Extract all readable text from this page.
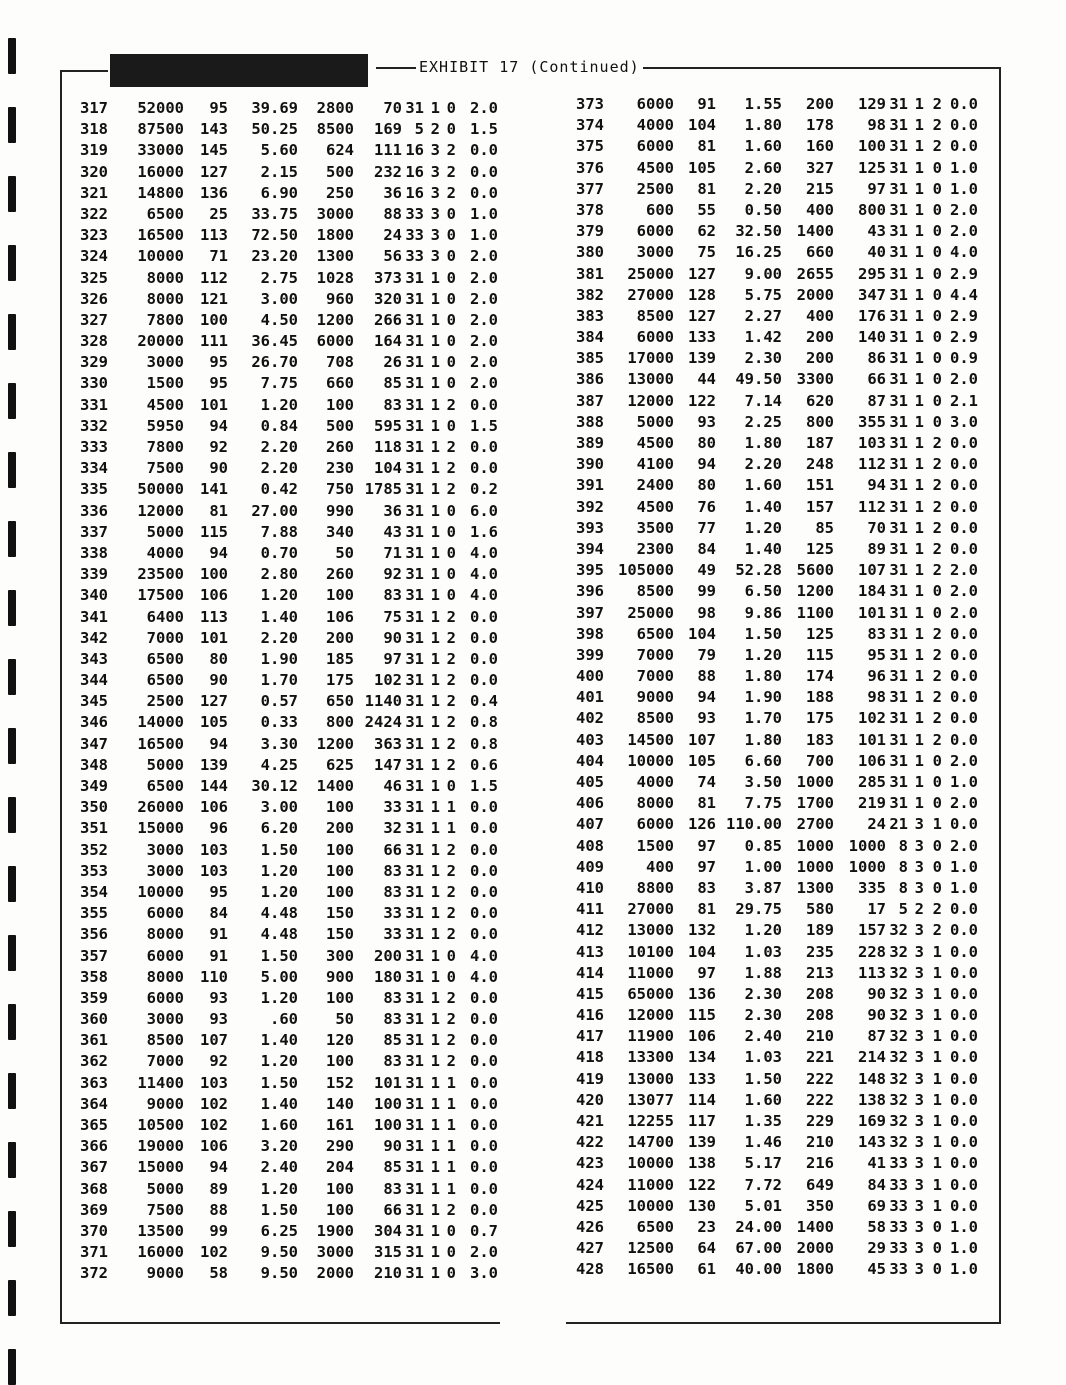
EXHIBIT 17 (Continued)
317	52000	95	39.69	2800	70 31 1 0 2.0
318	87500	143	50.25	8500	169 5 2 0 1.5
319	33000	145	5.60	624	111 16 3 2 0.0
320	16000	127	2.15	500	232 16 3 2 0.0
321	14800	136	6.90	250	36 16 3 2 0.0
322	6500	25	33.75	3000	88 33 3 0 1.0
323	16500	113	72.50	1800	24 33 3 0 1.0
324	10000	71	23.20	1300	56 33 3 0 2.0
325	8000	112	2.75	1028	373 31 1 0 2.0
326	8000	121	3.00	960	320 31 1 0 2.0
327	7800	100	4.50	1200	266 31 1 0 2.0
328	20000	111	36.45	6000	164 31 1 0 2.0
329	3000	95	26.70	708	26 31 1 0 2.0
330	1500	95	7.75	660	85 31 1 0 2.0
331	4500	101	1.20	100	83 31 1 2 0.0
332	5950	94	0.84	500	595 31 1 0 1.5
333	7800	92	2.20	260	118 31 1 2 0.0
334	7500	90	2.20	230	104 31 1 2 0.0
335	50000	141	0.42	750 1785 31 1 2 0.2
336	12000	81	27.00	990	36 31 1 0 6.0
337	5000	115	7.88	340	43 31 1 0 1.6
338	4000	94	0.70	50	71 31 1 0 4.0
339	23500	100	2.80	260	92 31 1 0 4.0
340	17500	106	1.20	100	83 31 1 0 4.0
341	6400	113	1.40	106	75 31 1 2 0.0
342	7000	101	2.20	200	90 31 1 2 0.0
343	6500	80	1.90	185	97 31 1 2 0.0
344	6500	90	1.70	175	102 31 1 2 0.0
345	2500	127	0.57	650 1140 31 1 2 0.4
346	14000	105	0.33	800 2424 31 1 2 0.8
347	16500	94	3.30	1200	363 31 1 2 0.8
348	5000	139	4.25	625	147 31 1 2 0.6
349	6500	144	30.12	1400	46 31 1 0 1.5
350	26000	106	3.00	100	33 31 1 1 0.0
351	15000	96	6.20	200	32 31 1 1 0.0
352	3000	103	1.50	100	66 31 1 2 0.0
353	3000	103	1.20	100	83 31 1 2 0.0
354	10000	95	1.20	100	83 31 1 2 0.0
355	6000	84	4.48	150	33 31 1 2 0.0
356	8000	91	4.48	150	33 31 1 2 0.0
357	6000	91	1.50	300	200 31 1 0 4.0
358	8000	110	5.00	900	180 31 1 0 4.0
359	6000	93	1.20	100	83 31 1 2 0.0
360	3000	93	.60	50	83 31 1 2 0.0
361	8500	107	1.40	120	85 31 1 2 0.0
362	7000	92	1.20	100	83 31 1 2 0.0
363	11400	103	1.50	152	101 31 1 1 0.0
364	9000	102	1.40	140	100 31 1 1 0.0
365	10500	102	1.60	161	100 31 1 1 0.0
366	19000	106	3.20	290	90 31 1 1 0.0
367	15000	94	2.40	204	85 31 1 1 0.0
368	5000	89	1.20	100	83 31 1 1 0.0
369	7500	88	1.50	100	66 31 1 2 0.0
370	13500	99	6.25	1900	304 31 1 0 0.7
371	16000	102	9.50	3000	315 31 1 0 2.0
372	9000	58	9.50	2000	210 31 1 0 3.0
373	6000	91	1.55	200	129 31 1 2 0.0
374	4000 104	1.80	178	98 31 1 2 0.0
375	6000	81	1.60	160	100 31 1 2 0.0
376	4500 105	2.60	327	125 31 1 0 1.0
377	2500	81	2.20	215	97 31 1 0 1.0
378	600	55	0.50	400	800 31 1 0 2.0
379	6000	62	32.50 1400	43 31 1 0 2.0
380	3000	75	16.25	660	40 31 1 0 4.0
381	25000 127	9.00 2655	295 31 1 0 2.9
382	27000 128	5.75 2000	347 31 1 0 4.4
383	8500 127	2.27	400	176 31 1 0 2.9
384	6000 133	1.42	200	140 31 1 0 2.9
385	17000 139	2.30	200	86 31 1 0 0.9
386	13000	44	49.50 3300	66 31 1 0 2.0
387	12000 122	7.14	620	87 31 1 0 2.1
388	5000	93	2.25	800	355 31 1 0 3.0
389	4500	80	1.80	187	103 31 1 2 0.0
390	4100	94	2.20	248	112 31 1 2 0.0
391	2400	80	1.60	151	94 31 1 2 0.0
392	4500	76	1.40	157	112 31 1 2 0.0
393	3500	77	1.20	85	70 31 1 2 0.0
394	2300	84	1.40	125	89 31 1 2 0.0
395 105000	49	52.28 5600	107 31 1 2 2.0
396	8500	99	6.50 1200	184 31 1 0 2.0
397	25000	98	9.86 1100	101 31 1 0 2.0
398	6500 104	1.50	125	83 31 1 2 0.0
399	7000	79	1.20	115	95 31 1 2 0.0
400	7000	88	1.80	174	96 31 1 2 0.0
401	9000	94	1.90	188	98 31 1 2 0.0
402	8500	93	1.70	175	102 31 1 2 0.0
403	14500 107	1.80	183	101 31 1 2 0.0
404	10000 105	6.60	700	106 31 1 0 2.0
405	4000	74	3.50 1000	285 31 1 0 1.0
406	8000	81	7.75 1700	219 31 1 0 2.0
407	6000 126 110.00 2700	24 21 3 1 0.0
408	1500	97	0.85 1000 1000 8 3 0 2.0
409	400	97	1.00 1000 1000 8 3 0 1.0
410	8800	83	3.87 1300	335 8 3 0 1.0
411	27000	81	29.75	580	17 5 2 2 0.0
412	13000 132	1.20	189	157 32 3 2 0.0
413	10100 104	1.03	235	228 32 3 1 0.0
414	11000	97	1.88	213	113 32 3 1 0.0
415	65000 136	2.30	208	90 32 3 1 0.0
416	12000 115	2.30	208	90 32 3 1 0.0
417	11900 106	2.40	210	87 32 3 1 0.0
418	13300 134	1.03	221	214 32 3 1 0.0
419	13000 133	1.50	222	148 32 3 1 0.0
420	13077 114	1.60	222	138 32 3 1 0.0
421	12255 117	1.35	229	169 32 3 1 0.0
422	14700 139	1.46	210	143 32 3 1 0.0
423	10000 138	5.17	216	41 33 3 1 0.0
424	11000 122	7.72	649	84 33 3 1 0.0
425	10000 130	5.01	350	69 33 3 1 0.0
426	6500	23	24.00 1400	58 33 3 0 1.0
427	12500	64	67.00 2000	29 33 3 0 1.0
428	16500	61	40.00 1800	45 33 3 0 1.0
